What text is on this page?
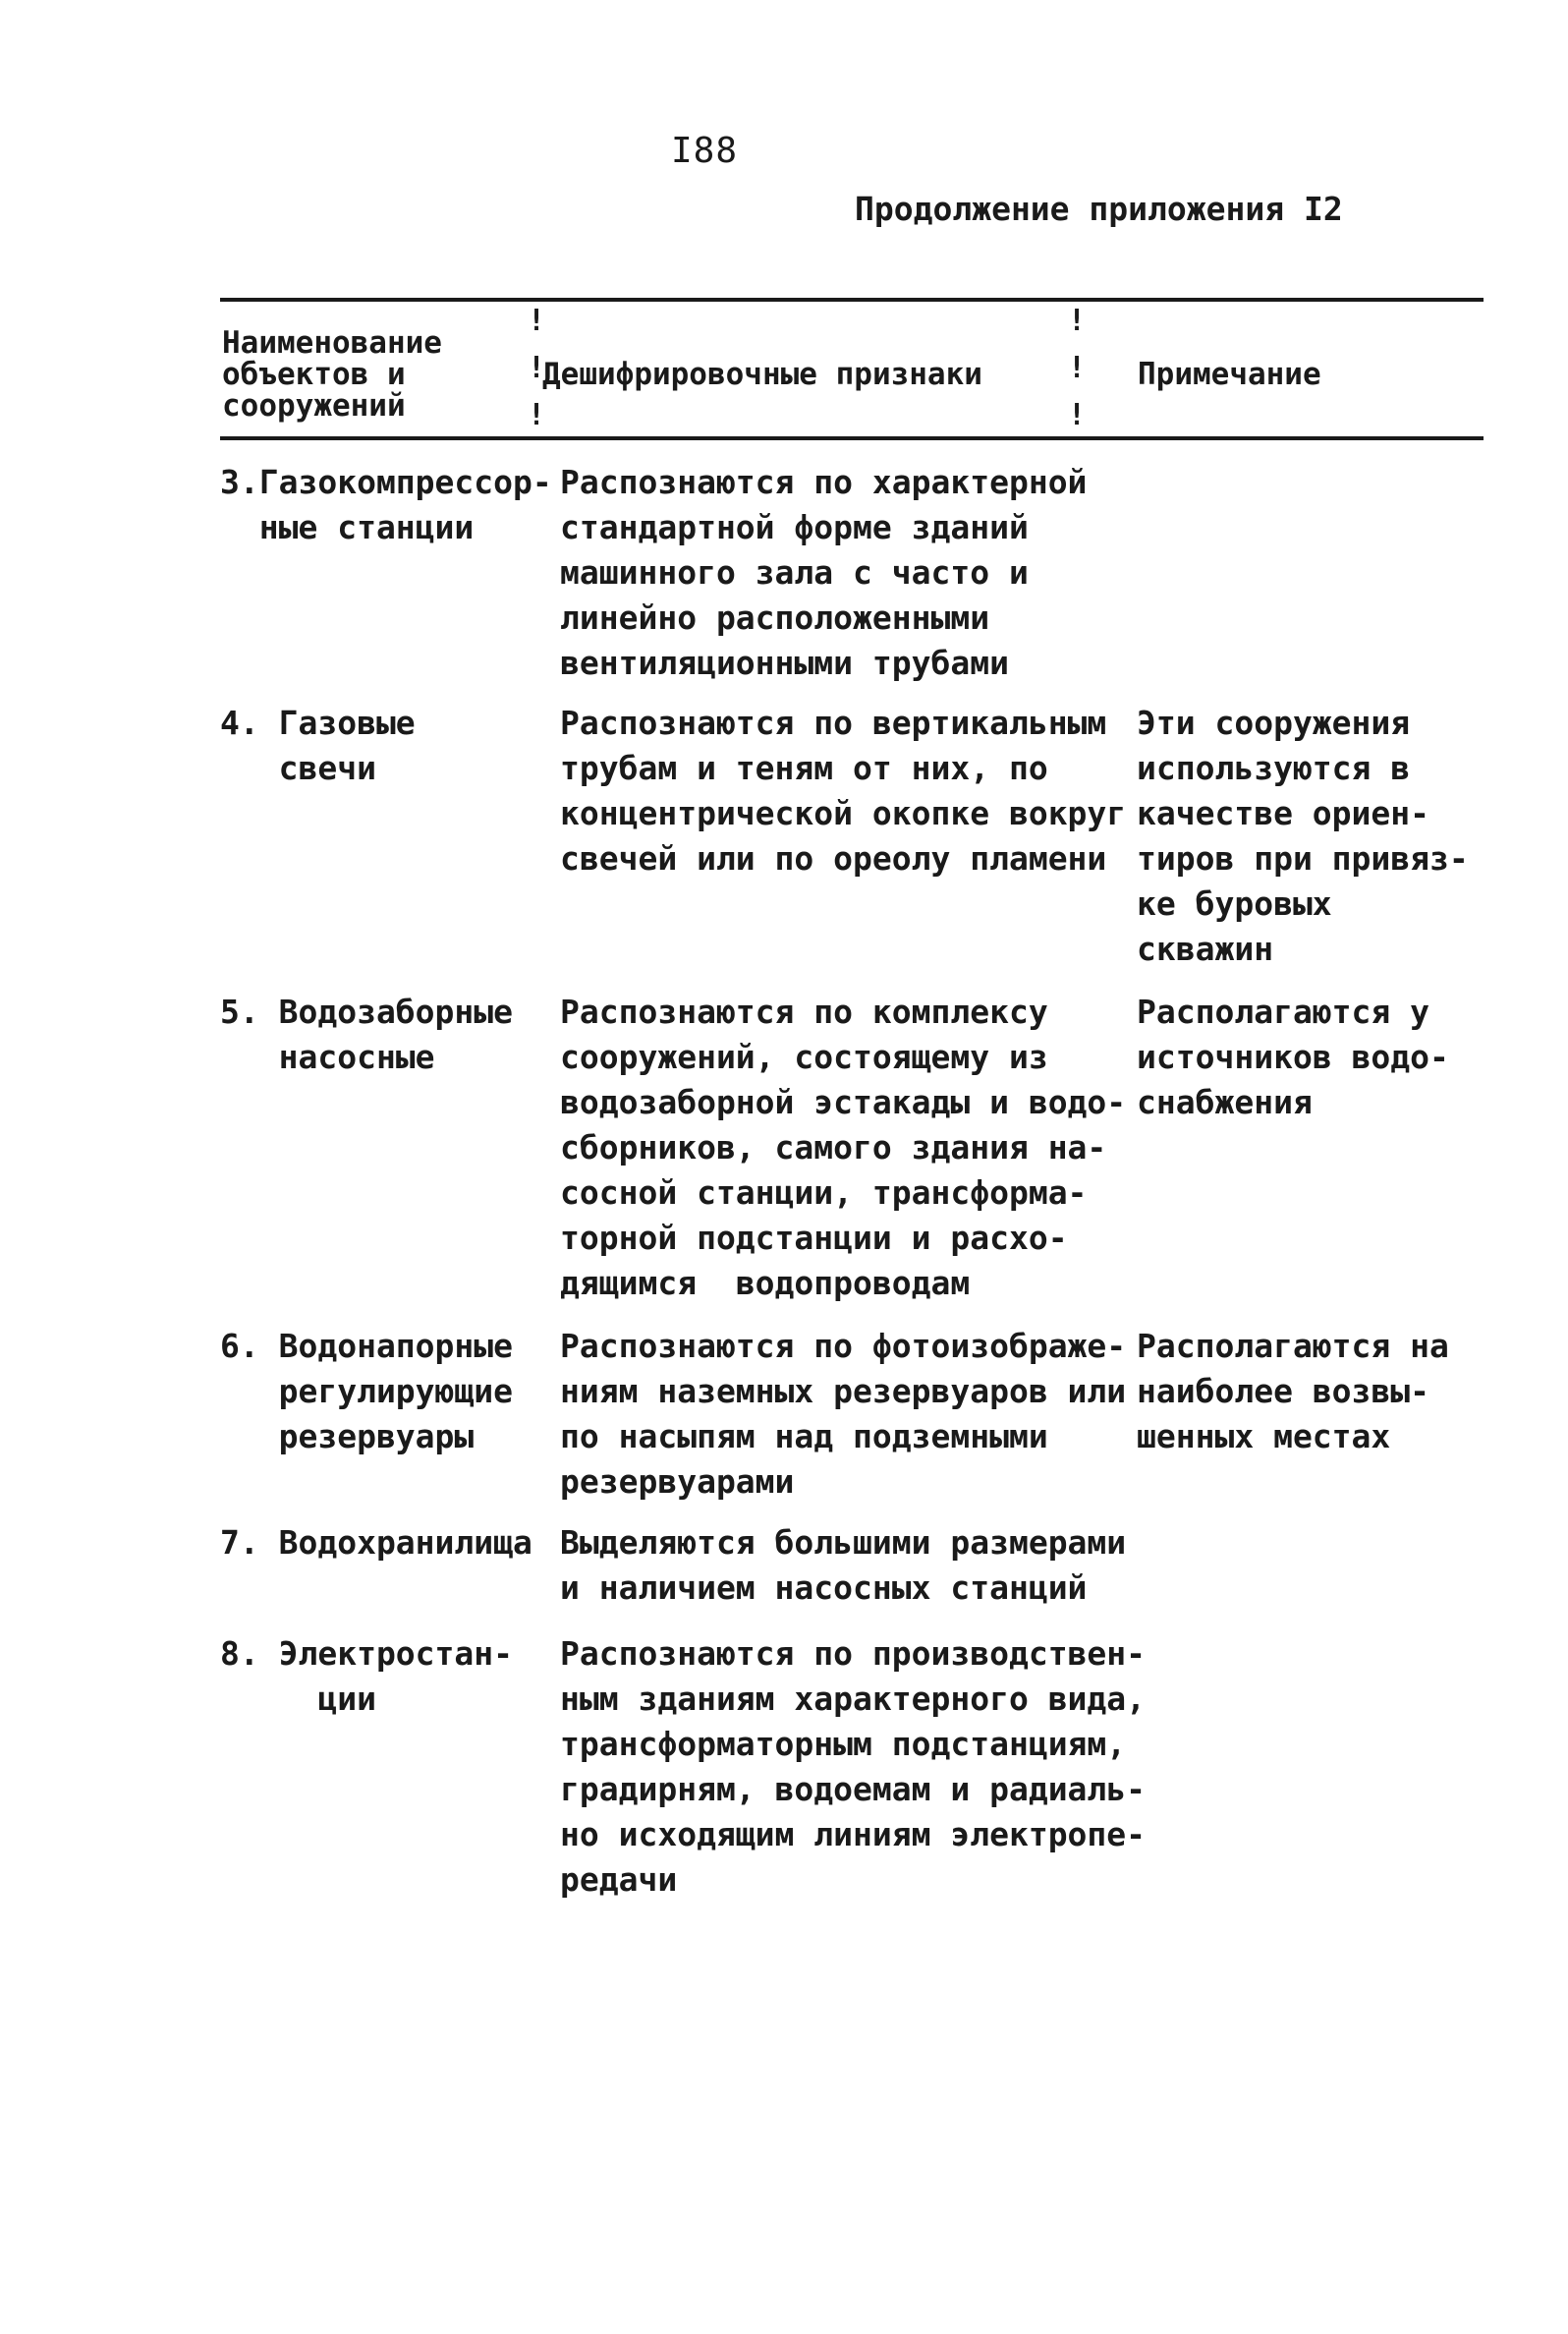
I88
Продолжение приложения I2
Наименование
объектов и
сооружений
Дешифрировочные признаки	Примечание
!
!
!
!
!
!
3.Газокомпрессор-
ные станции
Распознаются по характерной
стандартной форме зданий
машинного зала с часто и
линейно расположенными
вентиляционными трубами
4. Газовые
свечи
Распознаются по вертикальным
трубам и теням от них, по
концентрической окопке вокруг
свечей или по ореолу пламени
Эти сооружения
используются в
качестве ориен-
тиров при привяз-
ке буровых
скважин
5. Водозаборные
насосные
Распознаются по комплексу
сооружений, состоящему из
водозаборной эстакады и водо-
сборников, самого здания на-
сосной станции, трансформа-
торной подстанции и расхо-
дящимся  водопроводам
Располагаются у
источников водо-
снабжения
6. Водонапорные
регулирующие
резервуары
Распознаются по фотоизображе-
ниям наземных резервуаров или
по насыпям над подземными
резервуарами
Располагаются на
наиболее возвы-
шенных местах
7. Водохранилища Выделяются большими размерами
и наличием насосных станций
8. Электростан-
ции
Распознаются по производствен-
ным зданиям характерного вида,
трансформаторным подстанциям,
градирням, водоемам и радиаль-
но исходящим линиям электропе-
редачи
